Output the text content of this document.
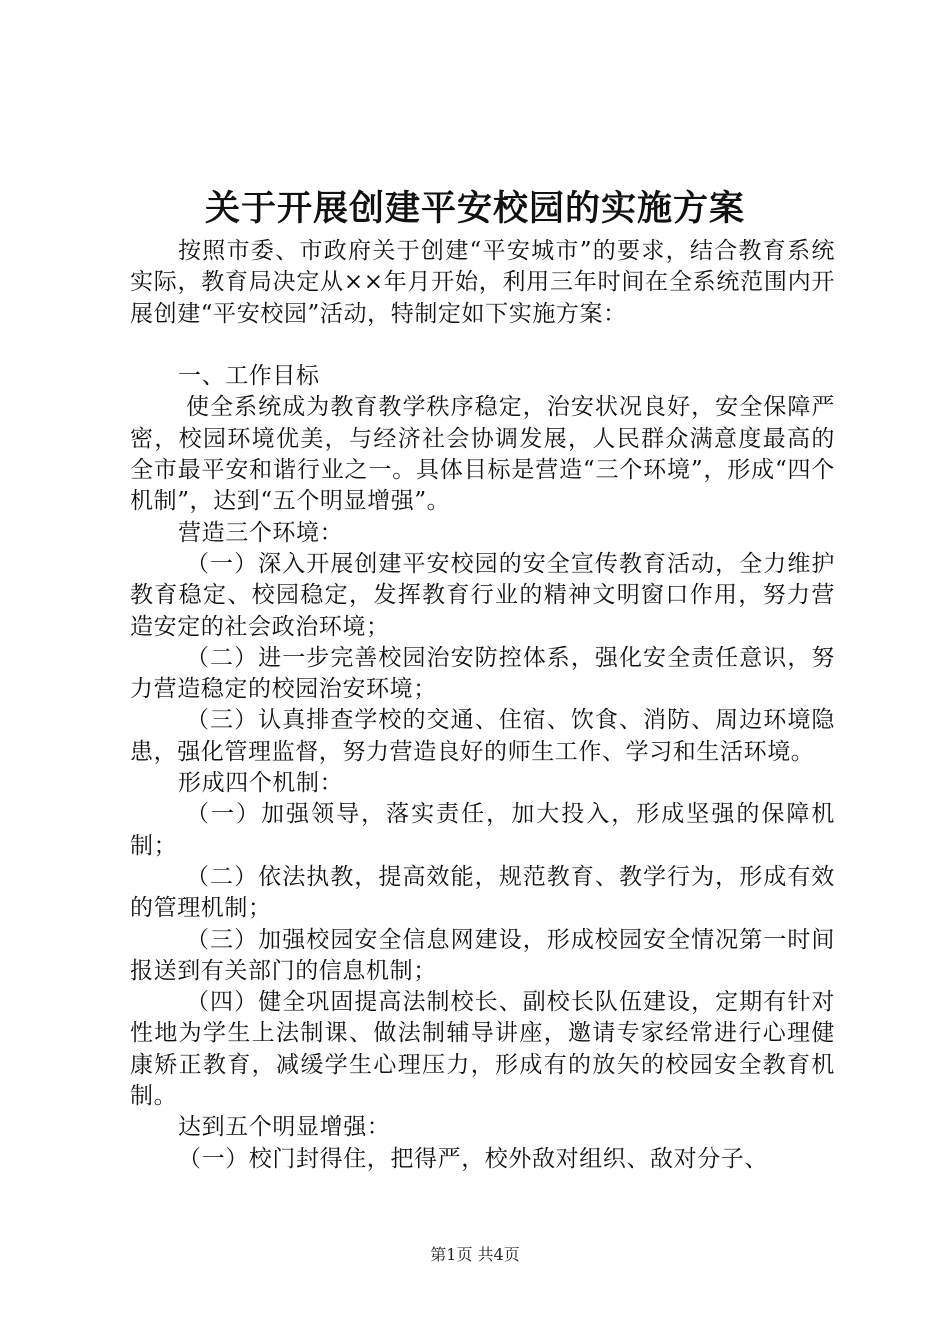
关于开展创建平安校园的实施方案

按照市委、市政府关于创建“平安城市”的要求，结合教育系统实际，教育局决定从××年月开始，利用三年时间在全系统范围内开展创建“平安校园”活动，特制定如下实施方案：

一、工作目标

使全系统成为教育教学秩序稳定，治安状况良好，安全保障严密，校园环境优美，与经济社会协调发展，人民群众满意度最高的全市最平安和谐行业之一。具体目标是营造“三个环境”，形成“四个机制”，达到“五个明显增强”。

营造三个环境：

（一）深入开展创建平安校园的安全宣传教育活动，全力维护教育稳定、校园稳定，发挥教育行业的精神文明窗口作用，努力营造安定的社会政治环境；

（二）进一步完善校园治安防控体系，强化安全责任意识，努力营造稳定的校园治安环境；

（三）认真排查学校的交通、住宿、饮食、消防、周边环境隐患，强化管理监督，努力营造良好的师生工作、学习和生活环境。

形成四个机制：

（一）加强领导，落实责任，加大投入，形成坚强的保障机制；

（二）依法执教，提高效能，规范教育、教学行为，形成有效的管理机制；

（三）加强校园安全信息网建设，形成校园安全情况第一时间报送到有关部门的信息机制；

（四）健全巩固提高法制校长、副校长队伍建设，定期有针对性地为学生上法制课、做法制辅导讲座，邀请专家经常进行心理健康矫正教育，减缓学生心理压力，形成有的放矢的校园安全教育机制。

达到五个明显增强：

（一）校门封得住，把得严，校外敌对组织、敌对分子、

第1页 共4页
